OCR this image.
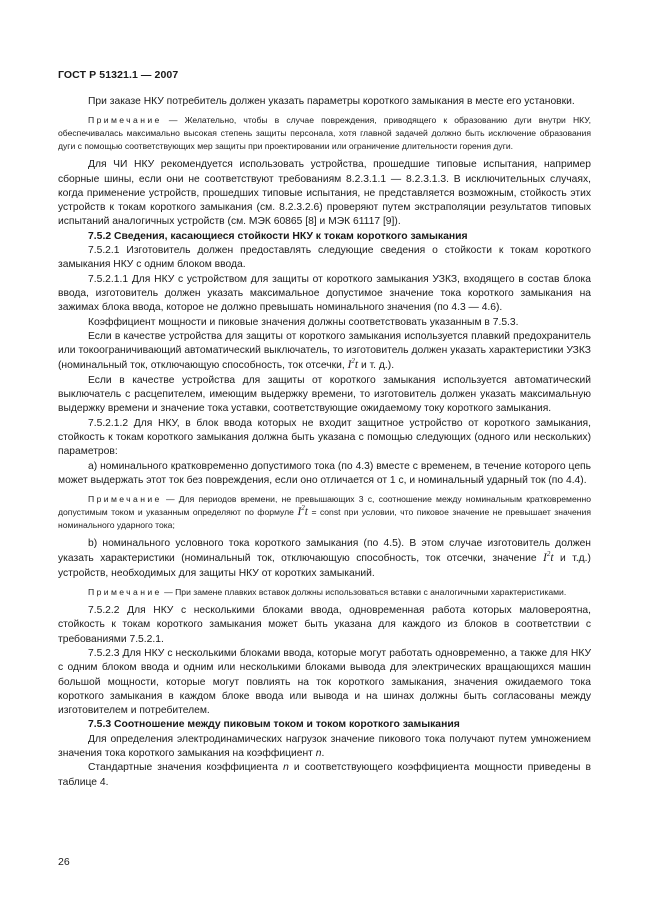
ГОСТ Р 51321.1 — 2007

При заказе НКУ потребитель должен указать параметры короткого замыкания в месте его установки.

Примечание — Желательно, чтобы в случае повреждения, приводящего к образованию дуги внутри НКУ, обеспечивалась максимально высокая степень защиты персонала, хотя главной задачей должно быть исключение образования дуги с помощью соответствующих мер защиты при проектировании или ограничение длительности горения дуги.

Для ЧИ НКУ рекомендуется использовать устройства, прошедшие типовые испытания, например сборные шины, если они не соответствуют требованиям 8.2.3.1.1 — 8.2.3.1.3. В исключительных случаях, когда применение устройств, прошедших типовые испытания, не представляется возможным, стойкость этих устройств к токам короткого замыкания (см. 8.2.3.2.6) проверяют путем экстраполяции результатов типовых испытаний аналогичных устройств (см. МЭК 60865 [8] и МЭК 61117 [9]).

7.5.2 Сведения, касающиеся стойкости НКУ к токам короткого замыкания

7.5.2.1 Изготовитель должен предоставлять следующие сведения о стойкости к токам короткого замыкания НКУ с одним блоком ввода.

7.5.2.1.1 Для НКУ с устройством для защиты от короткого замыкания УЗКЗ, входящего в состав блока ввода, изготовитель должен указать максимальное допустимое значение тока короткого замыкания на зажимах блока ввода, которое не должно превышать номинального значения (по 4.3 — 4.6).

Коэффициент мощности и пиковые значения должны соответствовать указанным в 7.5.3.

Если в качестве устройства для защиты от короткого замыкания используется плавкий предохранитель или токоограничивающий автоматический выключатель, то изготовитель должен указать характеристики УЗКЗ (номинальный ток, отключающую способность, ток отсечки, $I^2t$ и т. д.).

Если в качестве устройства для защиты от короткого замыкания используется автоматический выключатель с расцепителем, имеющим выдержку времени, то изготовитель должен указать максимальную выдержку времени и значение тока уставки, соответствующие ожидаемому току короткого замыкания.

7.5.2.1.2 Для НКУ, в блок ввода которых не входит защитное устройство от короткого замыкания, стойкость к токам короткого замыкания должна быть указана с помощью следующих (одного или нескольких) параметров:

а) номинального кратковременно допустимого тока (по 4.3) вместе с временем, в течение которого цепь может выдержать этот ток без повреждения, если оно отличается от 1 с, и номинальный ударный ток (по 4.4).

Примечание — Для периодов времени, не превышающих 3 с, соотношение между номинальным кратковременно допустимым током и указанным определяют по формуле $I^2t$ = const при условии, что пиковое значение не превышает значения номинального ударного тока;

b) номинального условного тока короткого замыкания (по 4.5). В этом случае изготовитель должен указать характеристики (номинальный ток, отключающую способность, ток отсечки, значение $I^2t$ и т.д.) устройств, необходимых для защиты НКУ от коротких замыканий.

Примечание — При замене плавких вставок должны использоваться вставки с аналогичными характеристиками.

7.5.2.2 Для НКУ с несколькими блоками ввода, одновременная работа которых маловероятна, стойкость к токам короткого замыкания может быть указана для каждого из блоков в соответствии с требованиями 7.5.2.1.

7.5.2.3 Для НКУ с несколькими блоками ввода, которые могут работать одновременно, а также для НКУ с одним блоком ввода и одним или несколькими блоками вывода для электрических вращающихся машин большой мощности, которые могут повлиять на ток короткого замыкания, значения ожидаемого тока короткого замыкания в каждом блоке ввода или вывода и на шинах должны быть согласованы между изготовителем и потребителем.

7.5.3 Соотношение между пиковым током и током короткого замыкания

Для определения электродинамических нагрузок значение пикового тока получают путем умножением значения тока короткого замыкания на коэффициент n.

Стандартные значения коэффициента n и соответствующего коэффициента мощности приведены в таблице 4.

26
